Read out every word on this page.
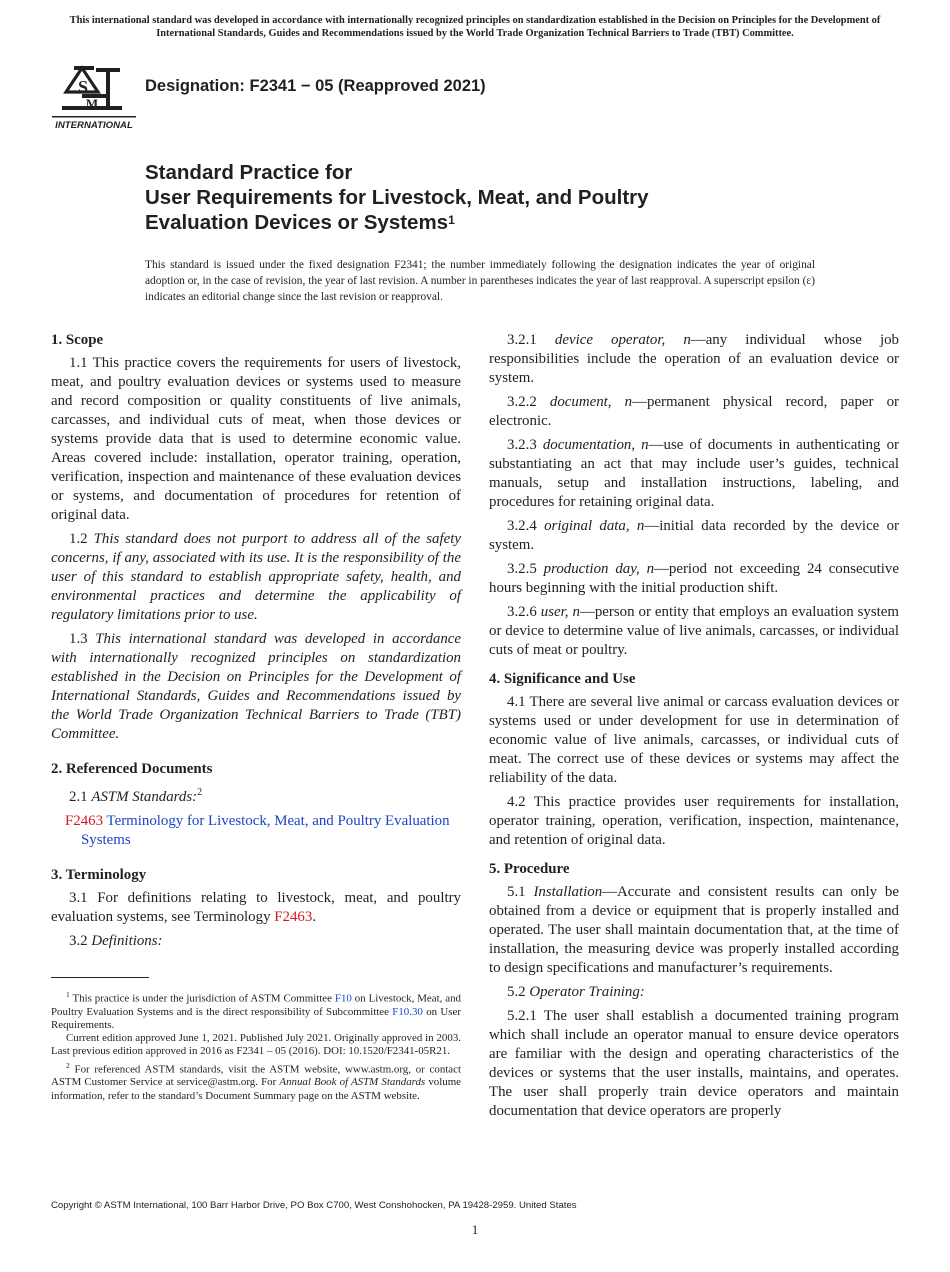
This international standard was developed in accordance with internationally recognized principles on standardization established in the Decision on Principles for the Development of International Standards, Guides and Recommendations issued by the World Trade Organization Technical Barriers to Trade (TBT) Committee.
S
M
INTERNATIONAL
Designation: F2341 − 05 (Reapproved 2021)
Standard Practice for
User Requirements for Livestock, Meat, and Poultry
Evaluation Devices or Systems$^1$
This standard is issued under the fixed designation F2341; the number immediately following the designation indicates the year of original adoption or, in the case of revision, the year of last revision. A number in parentheses indicates the year of last reapproval. A superscript epsilon (ε) indicates an editorial change since the last revision or reapproval.
1. Scope

1.1 This practice covers the requirements for users of livestock, meat, and poultry evaluation devices or systems used to measure and record composition or quality constituents of live animals, carcasses, and individual cuts of meat, when those devices or systems provide data that is used to determine economic value. Areas covered include: installation, operator training, operation, verification, inspection and maintenance of these evaluation devices or systems, and documentation of procedures for retention of original data.

1.2 This standard does not purport to address all of the safety concerns, if any, associated with its use. It is the responsibility of the user of this standard to establish appropriate safety, health, and environmental practices and determine the applicability of regulatory limitations prior to use.

1.3 This international standard was developed in accordance with internationally recognized principles on standardization established in the Decision on Principles for the Development of International Standards, Guides and Recommendations issued by the World Trade Organization Technical Barriers to Trade (TBT) Committee.

2. Referenced Documents

2.1 ASTM Standards:$^2$

F2463 Terminology for Livestock, Meat, and Poultry Evaluation Systems

3. Terminology

3.1 For definitions relating to livestock, meat, and poultry evaluation systems, see Terminology F2463.

3.2 Definitions:

3.2.1 device operator, n—any individual whose job responsibilities include the operation of an evaluation device or system.

3.2.2 document, n—permanent physical record, paper or electronic.

3.2.3 documentation, n—use of documents in authenticating or substantiating an act that may include user’s guides, technical manuals, setup and installation instructions, labeling, and procedures for retaining original data.

3.2.4 original data, n—initial data recorded by the device or system.

3.2.5 production day, n—period not exceeding 24 consecutive hours beginning with the initial production shift.

3.2.6 user, n—person or entity that employs an evaluation system or device to determine value of live animals, carcasses, or individual cuts of meat or poultry.

4. Significance and Use

4.1 There are several live animal or carcass evaluation devices or systems used or under development for use in determination of economic value of live animals, carcasses, or individual cuts of meat. The correct use of these devices or systems may affect the reliability of the data.

4.2 This practice provides user requirements for installation, operator training, operation, verification, inspection, maintenance, and retention of original data.

5. Procedure

5.1 Installation—Accurate and consistent results can only be obtained from a device or equipment that is properly installed and operated. The user shall maintain documentation that, at the time of installation, the measuring device was properly installed according to design specifications and manufacturer’s requirements.

5.2 Operator Training:

5.2.1 The user shall establish a documented training program which shall include an operator manual to ensure device operators are familiar with the design and operating characteristics of the devices or systems that the user installs, maintains, and operates. The user shall properly train device operators and maintain documentation that device operators are properly

$^1$ This practice is under the jurisdiction of ASTM Committee F10 on Livestock, Meat, and Poultry Evaluation Systems and is the direct responsibility of Subcommittee F10.30 on User Requirements.

Current edition approved June 1, 2021. Published July 2021. Originally approved in 2003. Last previous edition approved in 2016 as F2341 – 05 (2016). DOI: 10.1520/F2341-05R21.

$^2$ For referenced ASTM standards, visit the ASTM website, www.astm.org, or contact ASTM Customer Service at service@astm.org. For Annual Book of ASTM Standards volume information, refer to the standard’s Document Summary page on the ASTM website.

Copyright © ASTM International, 100 Barr Harbor Drive, PO Box C700, West Conshohocken, PA 19428-2959. United States
1
